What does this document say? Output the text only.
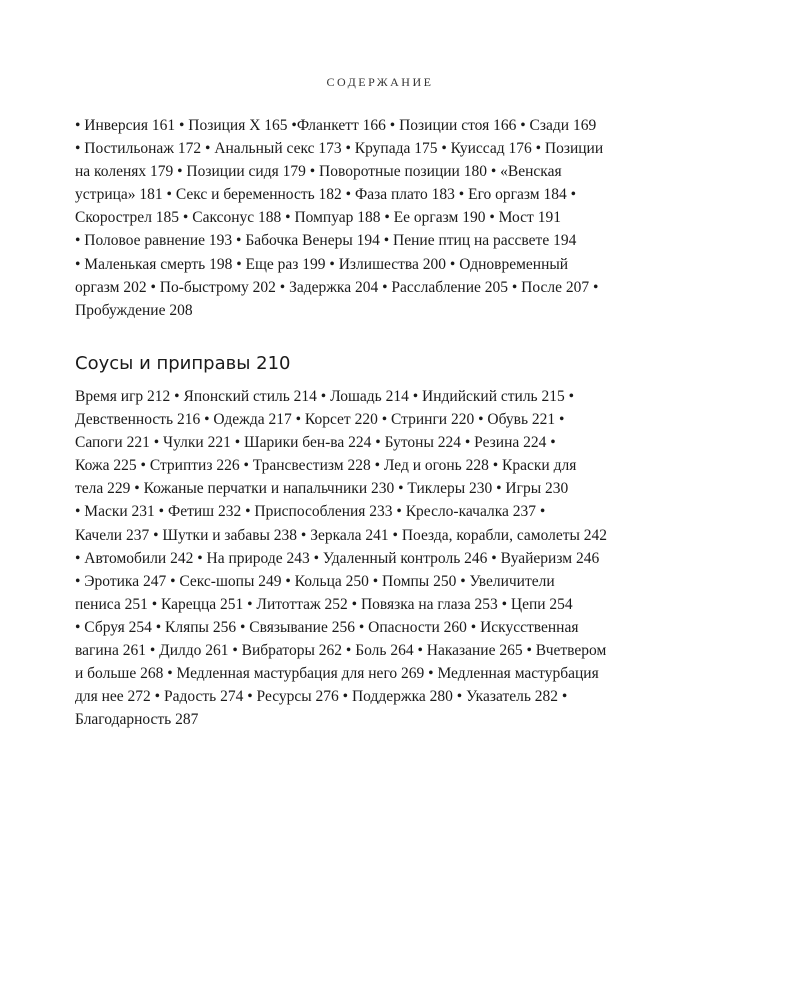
СОДЕРЖАНИЕ
• Инверсия 161 • Позиция Х 165 •Фланкетт 166 • Позиции стоя 166 • Сзади 169
• Постильонаж 172 • Анальный секс 173 • Крупада 175 • Куиссад 176 • Позиции
на коленях 179 • Позиции сидя 179 • Поворотные позиции 180 • «Венская
устрица» 181 • Секс и беременность 182 • Фаза плато 183 • Его оргазм 184 •
Скорострел 185 • Саксонус 188 • Помпуар 188 • Ее оргазм 190 • Мост 191
• Половое равнение 193 • Бабочка Венеры 194 • Пение птиц на рассвете 194
• Маленькая смерть 198 • Еще раз 199 • Излишества 200 • Одновременный
оргазм 202 • По-быстрому 202 • Задержка 204 • Расслабление 205 • После 207 •
Пробуждение 208
Соусы и приправы 210
Время игр 212 • Японский стиль 214 • Лошадь 214 • Индийский стиль 215 •
Девственность 216 • Одежда 217 • Корсет 220 • Стринги 220 • Обувь 221 •
Сапоги 221 • Чулки 221 • Шарики бен-ва 224 • Бутоны 224 • Резина 224 •
Кожа 225 • Стриптиз 226 • Трансвестизм 228 • Лед и огонь 228 • Краски для
тела 229 • Кожаные перчатки и напальчники 230 • Тиклеры 230 • Игры 230
• Маски 231 • Фетиш 232 • Приспособления 233 • Кресло-качалка 237 •
Качели 237 • Шутки и забавы 238 • Зеркала 241 • Поезда, корабли, самолеты 242
• Автомобили 242 • На природе 243 • Удаленный контроль 246 • Вуайеризм 246
• Эротика 247 • Секс-шопы 249 • Кольца 250 • Помпы 250 • Увеличители
пениса 251 • Карецца 251 • Литоттаж 252 • Повязка на глаза 253 • Цепи 254
• Сбруя 254 • Кляпы 256 • Связывание 256 • Опасности 260 • Искусственная
вагина 261 • Дилдо 261 • Вибраторы 262 • Боль 264 • Наказание 265 • Вчетвером
и больше 268 • Медленная мастурбация для него 269 • Медленная мастурбация
для нее 272 • Радость 274 • Ресурсы 276 • Поддержка 280 • Указатель 282 •
Благодарность 287
